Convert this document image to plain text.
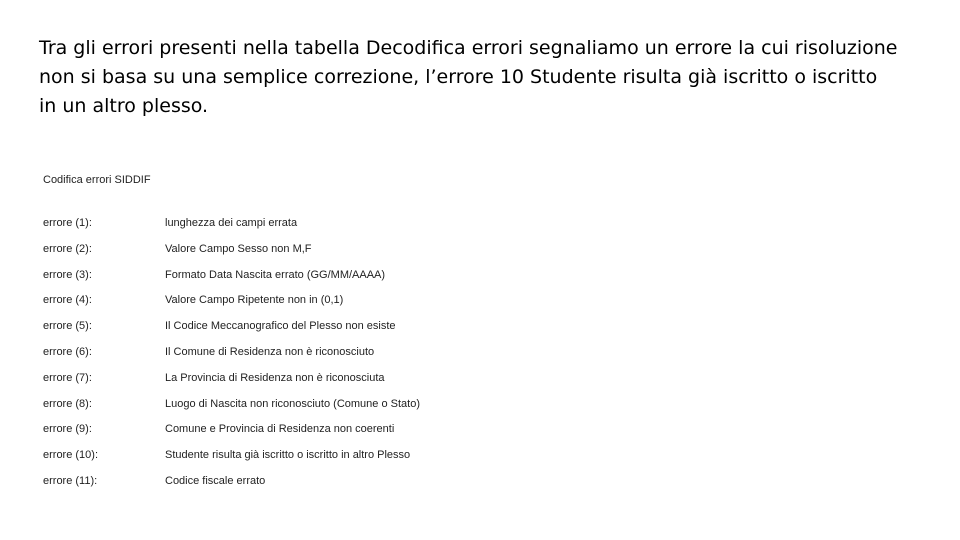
Tra gli errori presenti nella tabella Decodifica errori segnaliamo un errore la cui risoluzione non si basa su una semplice correzione, l’errore 10 Studente risulta già iscritto o iscritto in un altro plesso.
Codifica errori SIDDIF
errore (1):	lunghezza dei campi errata
errore (2):	Valore Campo Sesso non M,F
errore (3):	Formato Data Nascita errato (GG/MM/AAAA)
errore (4):	Valore Campo Ripetente non in (0,1)
errore (5):	Il Codice Meccanografico del Plesso non esiste
errore (6):	Il Comune di Residenza non è riconosciuto
errore (7):	La Provincia di Residenza non è riconosciuta
errore (8):	Luogo di Nascita non riconosciuto (Comune o Stato)
errore (9):	Comune e Provincia di Residenza non coerenti
errore (10):	Studente risulta già iscritto o iscritto in altro Plesso
errore (11):	Codice fiscale errato
